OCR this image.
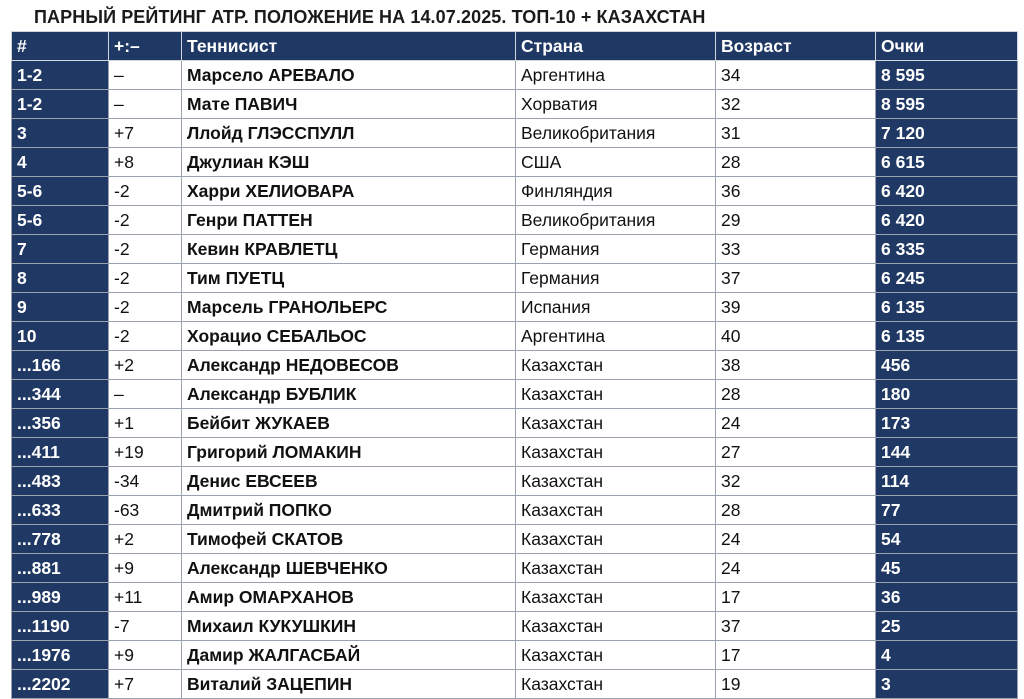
ПАРНЫЙ РЕЙТИНГ ATP. ПОЛОЖЕНИЕ НА 14.07.2025. ТОП-10 + КАЗАХСТАН
#	+:–	Теннисист	Страна	Возраст	Очки
1-2	–	Марсело АРЕВАЛО	Аргентина	34	8 595
1-2	–	Мате ПАВИЧ	Хорватия	32	8 595
3	+7	Ллойд ГЛЭССПУЛЛ	Великобритания	31	7 120
4	+8	Джулиан КЭШ	США	28	6 615
5-6	-2	Харри ХЕЛИОВАРА	Финляндия	36	6 420
5-6	-2	Генри ПАТТЕН	Великобритания	29	6 420
7	-2	Кевин КРАВЛЕТЦ	Германия	33	6 335
8	-2	Тим ПУЕТЦ	Германия	37	6 245
9	-2	Марсель ГРАНОЛЬЕРС	Испания	39	6 135
10	-2	Хорацио СЕБАЛЬОС	Аргентина	40	6 135
...166	+2	Александр НЕДОВЕСОВ	Казахстан	38	456
...344	–	Александр БУБЛИК	Казахстан	28	180
...356	+1	Бейбит ЖУКАЕВ	Казахстан	24	173
...411	+19	Григорий ЛОМАКИН	Казахстан	27	144
...483	-34	Денис ЕВСЕЕВ	Казахстан	32	114
...633	-63	Дмитрий ПОПКО	Казахстан	28	77
...778	+2	Тимофей СКАТОВ	Казахстан	24	54
...881	+9	Александр ШЕВЧЕНКО	Казахстан	24	45
...989	+11	Амир ОМАРХАНОВ	Казахстан	17	36
...1190	-7	Михаил КУКУШКИН	Казахстан	37	25
...1976	+9	Дамир ЖАЛГАСБАЙ	Казахстан	17	4
...2202	+7	Виталий ЗАЦЕПИН	Казахстан	19	3
